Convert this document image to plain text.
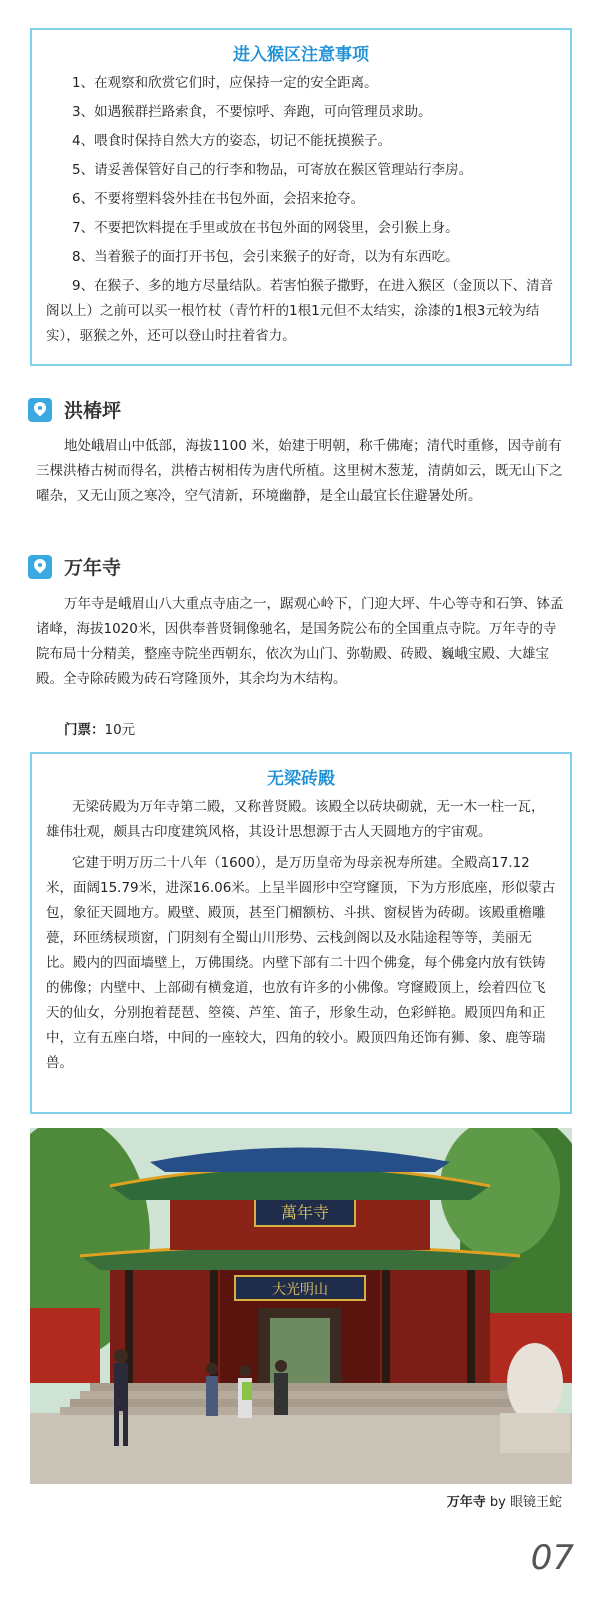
进入猴区注意事项

1、在观察和欣赏它们时，应保持一定的安全距离。

3、如遇猴群拦路索食，不要惊呼、奔跑，可向管理员求助。

4、喂食时保持自然大方的姿态，切记不能抚摸猴子。

5、请妥善保管好自己的行李和物品，可寄放在猴区管理站行李房。

6、不要将塑料袋外挂在书包外面，会招来抢夺。

7、不要把饮料提在手里或放在书包外面的网袋里，会引猴上身。

8、当着猴子的面打开书包，会引来猴子的好奇，以为有东西吃。

9、在猴子、多的地方尽量结队。若害怕猴子撒野，在进入猴区（金顶以下、清音阁以上）之前可以买一根竹杖（青竹杆的1根1元但不太结实，涂漆的1根3元较为结实），驱猴之外，还可以登山时拄着省力。

洪椿坪

地处峨眉山中低部，海拔1100 米，始建于明朝，称千佛庵；清代时重修，因寺前有三棵洪椿古树而得名，洪椿古树相传为唐代所植。这里树木葱茏，清荫如云，既无山下之嚁杂，又无山顶之寒冷，空气清新，环境幽静，是全山最宜长住避暑处所。

万年寺

万年寺是峨眉山八大重点寺庙之一，踞观心岭下，门迎大坪、牛心等寺和石笋、钵孟诸峰，海拔1020米，因供奉普贤铜像驰名，是国务院公布的全国重点寺院。万年寺的寺院布局十分精美，整座寺院坐西朝东，依次为山门、弥勒殿、砖殿、巍峨宝殿、大雄宝殿。全寺除砖殿为砖石穹隆顶外，其余均为木结构。

门票：10元
无梁砖殿

无梁砖殿为万年寺第二殿，又称普贤殿。该殿全以砖块砌就，无一木一柱一瓦，雄伟壮观，颇具古印度建筑风格，其设计思想源于古人天圆地方的宇宙观。

它建于明万历二十八年（1600），是万历皇帝为母亲祝寿所建。全殿高17.12米，面阔15.79米，进深16.06米。上呈半圆形中空穹窿顶，下为方形底座，形似蒙古包，象征天圆地方。殿壁、殿顶，甚至门楣额枋、斗拱、窗棂皆为砖砌。该殿重檐雕甍，环匝绣棂琐窗，门阴刻有全蜀山川形势、云栈剑阁以及水陆途程等等，美丽无比。殿内的四面墙壁上，万佛围绕。内壁下部有二十四个佛龛，每个佛龛内放有铁铸的佛像；内壁中、上部砌有横龛道，也放有许多的小佛像。穹窿殿顶上，绘着四位飞天的仙女，分别抱着琵琶、箜篌、芦笙、笛子，形象生动，色彩鲜艳。殿顶四角和正中，立有五座白塔，中间的一座较大，四角的较小。殿顶四角还饰有狮、象、鹿等瑞兽。

萬年寺
大光明山
万年寺 by 眼镜王蛇
07
